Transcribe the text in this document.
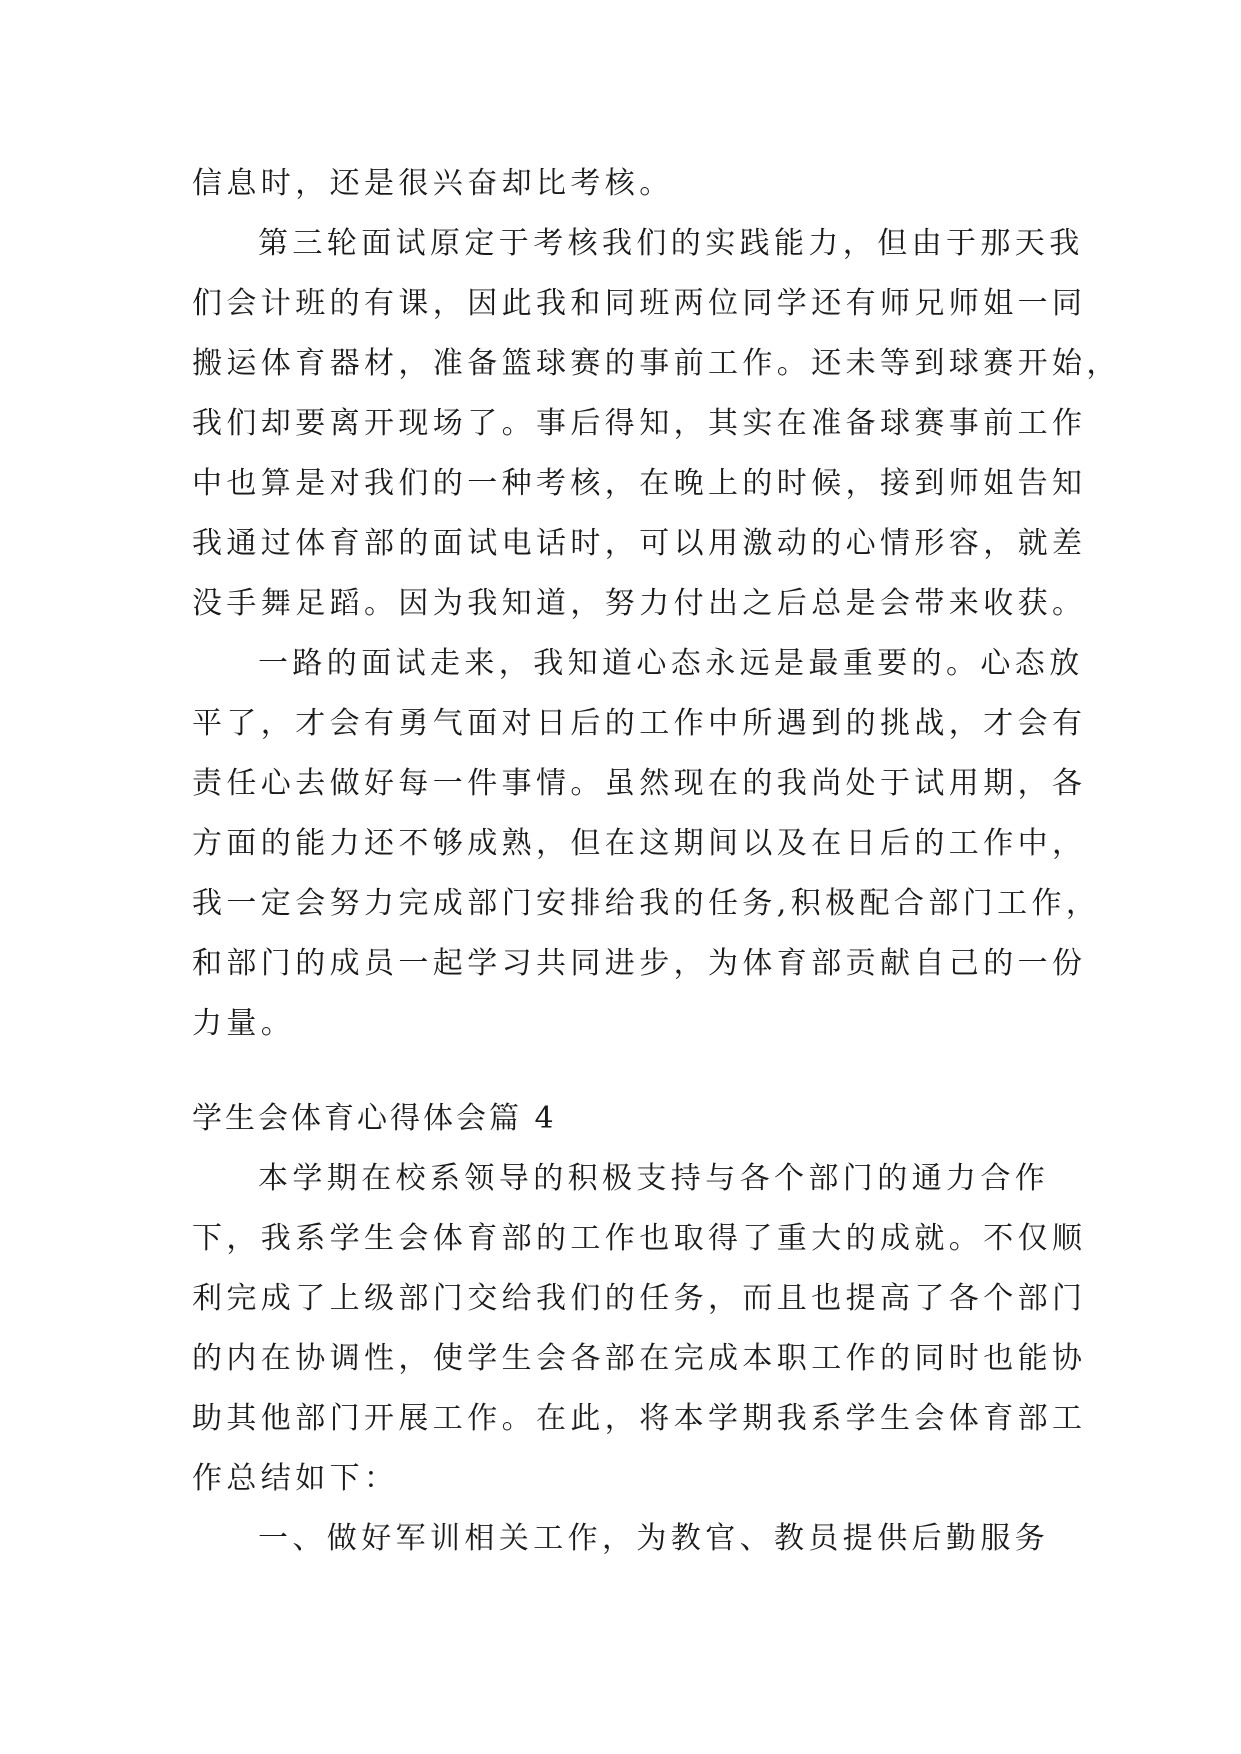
信息时，还是很兴奋却比考核。
第三轮面试原定于考核我们的实践能力，但由于那天我
们会计班的有课，因此我和同班两位同学还有师兄师姐一同
搬运体育器材，准备篮球赛的事前工作。还未等到球赛开始，
我们却要离开现场了。事后得知，其实在准备球赛事前工作
中也算是对我们的一种考核，在晚上的时候，接到师姐告知
我通过体育部的面试电话时，可以用激动的心情形容，就差
没手舞足蹈。因为我知道，努力付出之后总是会带来收获。
一路的面试走来，我知道心态永远是最重要的。心态放
平了，才会有勇气面对日后的工作中所遇到的挑战，才会有
责任心去做好每一件事情。虽然现在的我尚处于试用期，各
方面的能力还不够成熟，但在这期间以及在日后的工作中，
我一定会努力完成部门安排给我的任务,积极配合部门工作，
和部门的成员一起学习共同进步，为体育部贡献自己的一份
力量。
学生会体育心得体会篇 4
本学期在校系领导的积极支持与各个部门的通力合作
下，我系学生会体育部的工作也取得了重大的成就。不仅顺
利完成了上级部门交给我们的任务，而且也提高了各个部门
的内在协调性，使学生会各部在完成本职工作的同时也能协
助其他部门开展工作。在此，将本学期我系学生会体育部工
作总结如下：
一、做好军训相关工作，为教官、教员提供后勤服务
